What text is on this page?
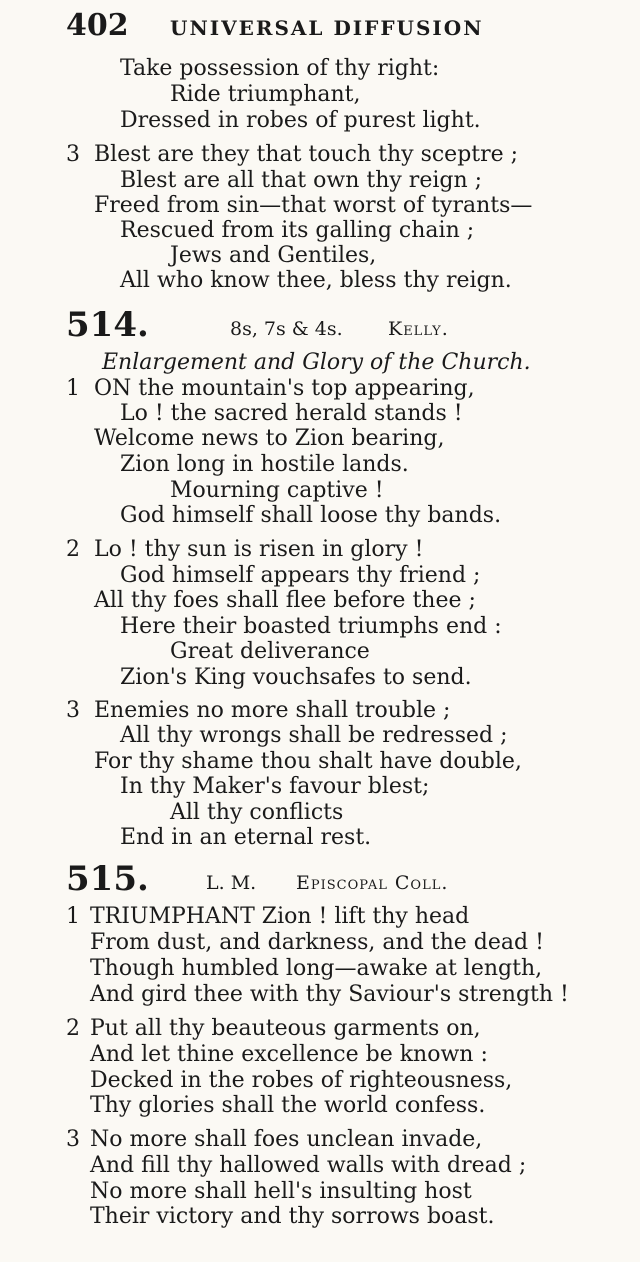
402 UNIVERSAL DIFFUSION
Take possession of thy right:
Ride triumphant,
Dressed in robes of purest light.
3 Blest are they that touch thy sceptre ;
Blest are all that own thy reign ;
Freed from sin—that worst of tyrants—
Rescued from its galling chain ;
Jews and Gentiles,
All who know thee, bless thy reign.
514.	8s, 7s & 4s. Kelly.
Enlargement and Glory of the Church.
1 ON the mountain's top appearing,
Lo ! the sacred herald stands !
Welcome news to Zion bearing,
Zion long in hostile lands.
Mourning captive !
God himself shall loose thy bands.
2 Lo ! thy sun is risen in glory !
God himself appears thy friend ;
All thy foes shall flee before thee ;
Here their boasted triumphs end :
Great deliverance
Zion's King vouchsafes to send.
3 Enemies no more shall trouble ;
All thy wrongs shall be redressed ;
For thy shame thou shalt have double,
In thy Maker's favour blest;
All thy conflicts
End in an eternal rest.
515.	L. M. Episcopal Coll.
1 TRIUMPHANT Zion ! lift thy head
From dust, and darkness, and the dead !
Though humbled long—awake at length,
And gird thee with thy Saviour's strength !
2 Put all thy beauteous garments on,
And let thine excellence be known :
Decked in the robes of righteousness,
Thy glories shall the world confess.
3 No more shall foes unclean invade,
And fill thy hallowed walls with dread ;
No more shall hell's insulting host
Their victory and thy sorrows boast.
